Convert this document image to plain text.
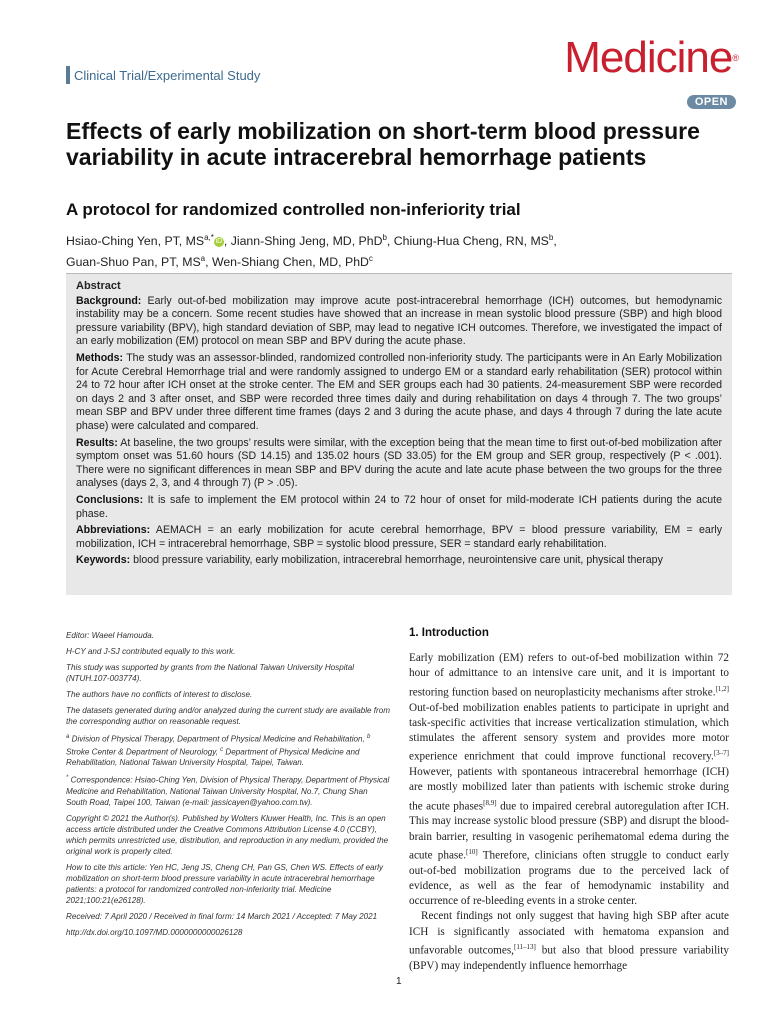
Clinical Trial/Experimental Study	Medicine®
OPEN
Effects of early mobilization on short-term blood pressure variability in acute intracerebral hemorrhage patients
A protocol for randomized controlled non-inferiority trial
Hsiao-Ching Yen, PT, $MS^{a,*}$ iD , Jiann-Shing Jeng, MD, PhD$^b$, Chiung-Hua Cheng, RN, $MS^b$,
Guan-Shuo Pan, PT, $MS^a$, Wen-Shiang Chen, MD, PhD$^c$
Abstract

Background: Early out-of-bed mobilization may improve acute post-intracerebral hemorrhage (ICH) outcomes, but hemodynamic instability may be a concern. Some recent studies have showed that an increase in mean systolic blood pressure (SBP) and high blood pressure variability (BPV), high standard deviation of SBP, may lead to negative ICH outcomes. Therefore, we investigated the impact of an early mobilization (EM) protocol on mean SBP and BPV during the acute phase.

Methods: The study was an assessor-blinded, randomized controlled non-inferiority study. The participants were in An Early Mobilization for Acute Cerebral Hemorrhage trial and were randomly assigned to undergo EM or a standard early rehabilitation (SER) protocol within 24 to 72 hour after ICH onset at the stroke center. The EM and SER groups each had 30 patients. 24-measurement SBP were recorded on days 2 and 3 after onset, and SBP were recorded three times daily and during rehabilitation on days 4 through 7. The two groups’ mean SBP and BPV under three different time frames (days 2 and 3 during the acute phase, and days 4 through 7 during the late acute phase) were calculated and compared.

Results: At baseline, the two groups’ results were similar, with the exception being that the mean time to first out-of-bed mobilization after symptom onset was 51.60 hours (SD 14.15) and 135.02 hours (SD 33.05) for the EM group and SER group, respectively (P < .001). There were no significant differences in mean SBP and BPV during the acute and late acute phase between the two groups for the three analyses (days 2, 3, and 4 through 7) (P > .05).

Conclusions: It is safe to implement the EM protocol within 24 to 72 hour of onset for mild-moderate ICH patients during the acute phase.

Abbreviations: AEMACH = an early mobilization for acute cerebral hemorrhage, BPV = blood pressure variability, EM = early mobilization, ICH = intracerebral hemorrhage, SBP = systolic blood pressure, SER = standard early rehabilitation.

Keywords: blood pressure variability, early mobilization, intracerebral hemorrhage, neurointensive care unit, physical therapy

Editor: Waeel Hamouda.

H-CY and J-SJ contributed equally to this work.

This study was supported by grants from the National Taiwan University Hospital (NTUH.107-003774).

The authors have no conflicts of interest to disclose.

The datasets generated during and/or analyzed during the current study are available from the corresponding author on reasonable request.

$^a$ Division of Physical Therapy, Department of Physical Medicine and Rehabilitation, $^b$ Stroke Center & Department of Neurology, $^c$ Department of Physical Medicine and Rehabilitation, National Taiwan University Hospital, Taipei, Taiwan.

* Correspondence: Hsiao-Ching Yen, Division of Physical Therapy, Department of Physical Medicine and Rehabilitation, National Taiwan University Hospital, No.7, Chung Shan South Road, Taipei 100, Taiwan (e-mail: jassicayen@yahoo.com.tw).

Copyright © 2021 the Author(s). Published by Wolters Kluwer Health, Inc. This is an open access article distributed under the Creative Commons Attribution License 4.0 (CCBY), which permits unrestricted use, distribution, and reproduction in any medium, provided the original work is properly cited.

How to cite this article: Yen HC, Jeng JS, Cheng CH, Pan GS, Chen WS. Effects of early mobilization on short-term blood pressure variability in acute intracerebral hemorrhage patients: a protocol for randomized controlled non-inferiority trial. Medicine 2021;100:21(e26128).

Received: 7 April 2020 / Received in final form: 14 March 2021 / Accepted: 7 May 2021

http://dx.doi.org/10.1097/MD.0000000000026128

1. Introduction

Early mobilization (EM) refers to out-of-bed mobilization within 72 hour of admittance to an intensive care unit, and it is important to restoring function based on neuroplasticity mechanisms after stroke.[1,2] Out-of-bed mobilization enables patients to participate in upright and task-specific activities that increase verticalization stimulation, which stimulates the afferent sensory system and provides more motor experience enrichment that could improve functional recovery.[3–7] However, patients with spontaneous intracerebral hemorrhage (ICH) are mostly mobilized later than patients with ischemic stroke during the acute phases[8,9] due to impaired cerebral autoregulation after ICH. This may increase systolic blood pressure (SBP) and disrupt the blood-brain barrier, resulting in vasogenic perihematomal edema during the acute phase.[10] Therefore, clinicians often struggle to conduct early out-of-bed mobilization programs due to the perceived lack of evidence, as well as the fear of hemodynamic instability and occurrence of re-bleeding events in a stroke center.

Recent findings not only suggest that having high SBP after acute ICH is significantly associated with hematoma expansion and unfavorable outcomes,[11–13] but also that blood pressure variability (BPV) may independently influence hemorrhage

1
